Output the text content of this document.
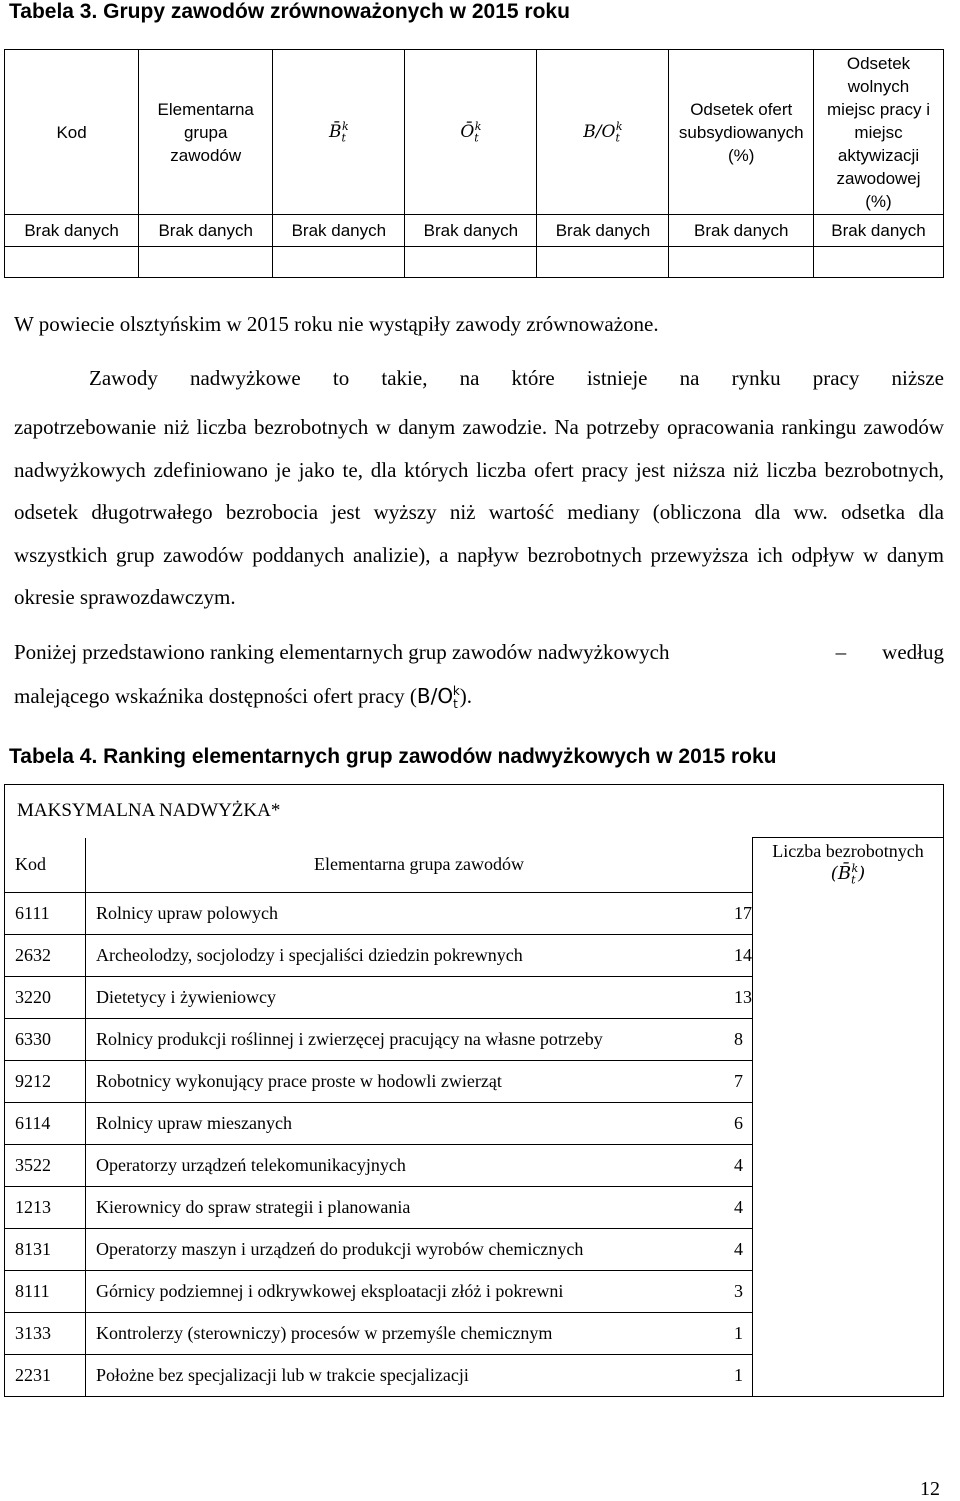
Tabela 3. Grupy zawodów zrównoważonych w 2015 roku
Kod	Elementarna grupa zawodów	$B̄_t^k$	$Ō_t^k$	$B/O_t^k$	Odsetek ofert subsydiowanych (%)	Odsetek wolnych miejsc pracy i miejsc aktywizacji zawodowej (%)
Brak danych	Brak danych	Brak danych	Brak danych	Brak danych	Brak danych	Brak danych

W powiecie olsztyńskim w 2015 roku nie wystąpiły zawody zrównoważone.
Zawody nadwyżkowe to takie, na które istnieje na rynku pracy niższe
zapotrzebowanie niż liczba bezrobotnych w danym zawodzie. Na potrzeby opracowania rankingu zawodów nadwyżkowych zdefiniowano je jako te, dla których liczba ofert pracy jest niższa niż liczba bezrobotnych, odsetek długotrwałego bezrobocia jest wyższy niż wartość mediany (obliczona dla ww. odsetka dla wszystkich grup zawodów poddanych analizie), a napływ bezrobotnych przewyższa ich odpływ w danym okresie sprawozdawczym.
Poniżej przedstawiono ranking elementarnych grup zawodów nadwyżkowych	– według
malejącego wskaźnika dostępności ofert pracy $(B/O_t^k)$.
Tabela 4. Ranking elementarnych grup zawodów nadwyżkowych w 2015 roku
MAKSYMALNA NADWYŻKA*			
Kod	Elementarna grupa zawodów		Liczba bezrobotnych
$(B̄_t^k)$

6111	Rolnicy upraw polowych	17	
2632	Archeolodzy, socjolodzy i specjaliści dziedzin pokrewnych	14	
3220	Dietetycy i żywieniowcy	13	
6330	Rolnicy produkcji roślinnej i zwierzęcej pracujący na własne potrzeby	8	
9212	Robotnicy wykonujący prace proste w hodowli zwierząt	7	
6114	Rolnicy upraw mieszanych	6	
3522	Operatorzy urządzeń telekomunikacyjnych	4	
1213	Kierownicy do spraw strategii i planowania	4	
8131	Operatorzy maszyn i urządzeń do produkcji wyrobów chemicznych	4	
8111	Górnicy podziemnej i odkrywkowej eksploatacji złóż i pokrewni	3	
3133	Kontrolerzy (sterowniczy) procesów w przemyśle chemicznym	1	
2231	Położne bez specjalizacji lub w trakcie specjalizacji	1	
12
